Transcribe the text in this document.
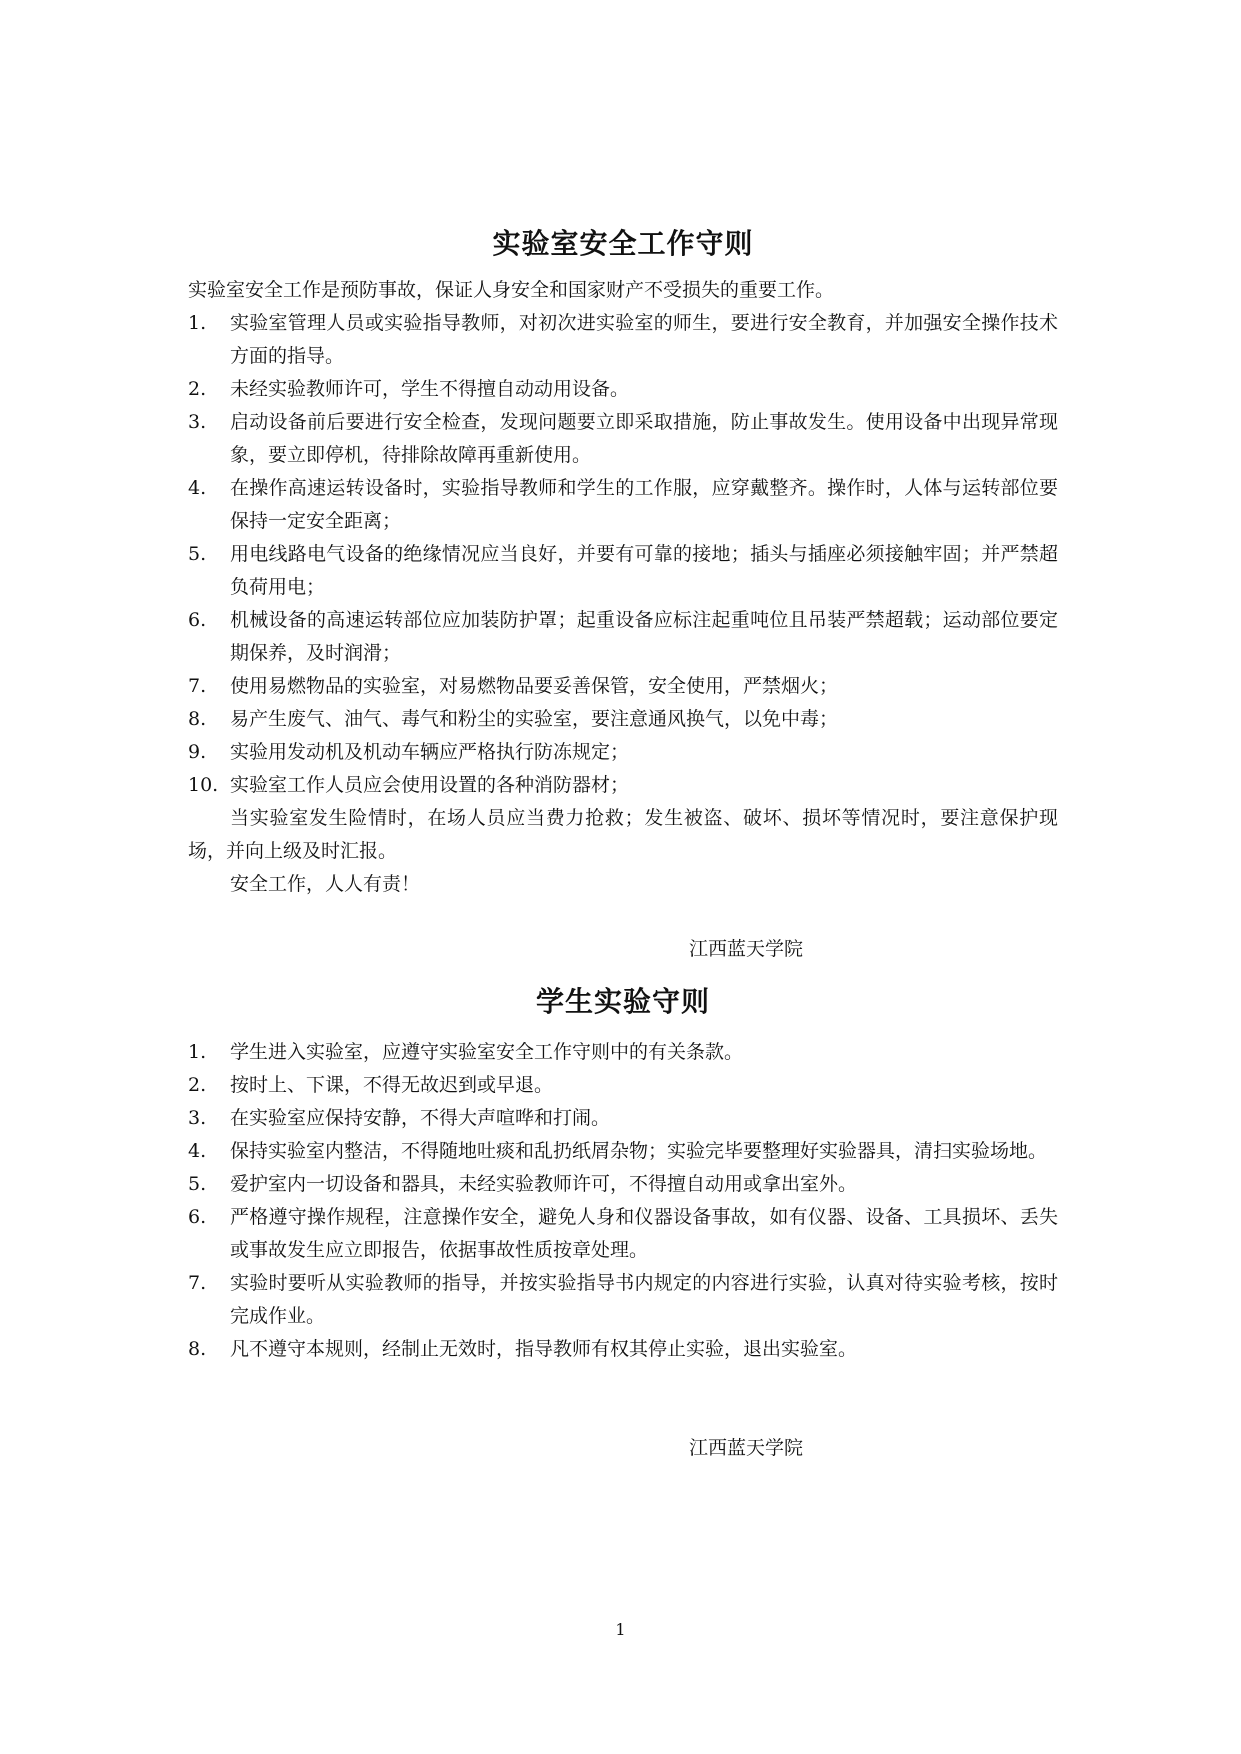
实验室安全工作守则

实验室安全工作是预防事故，保证人身安全和国家财产不受损失的重要工作。

1.	实验室管理人员或实验指导教师，对初次进实验室的师生，要进行安全教育，并加强安全操作技术方面的指导。
2.	未经实验教师许可，学生不得擅自动动用设备。
3.	启动设备前后要进行安全检查，发现问题要立即采取措施，防止事故发生。使用设备中出现异常现象，要立即停机，待排除故障再重新使用。
4.	在操作高速运转设备时，实验指导教师和学生的工作服，应穿戴整齐。操作时，人体与运转部位要保持一定安全距离；
5.	用电线路电气设备的绝缘情况应当良好，并要有可靠的接地；插头与插座必须接触牢固；并严禁超负荷用电；
6.	机械设备的高速运转部位应加装防护罩；起重设备应标注起重吨位且吊装严禁超载；运动部位要定期保养，及时润滑；
7.	使用易燃物品的实验室，对易燃物品要妥善保管，安全使用，严禁烟火；
8.	易产生废气、油气、毒气和粉尘的实验室，要注意通风换气，以免中毒；
9.	实验用发动机及机动车辆应严格执行防冻规定；
10. 实验室工作人员应会使用设置的各种消防器材；

当实验室发生险情时，在场人员应当费力抢救；发生被盗、破坏、损坏等情况时，要注意保护现场，并向上级及时汇报。

安全工作，人人有责！

江西蓝天学院

学生实验守则
1.	学生进入实验室，应遵守实验室安全工作守则中的有关条款。
2.	按时上、下课，不得无故迟到或早退。
3.	在实验室应保持安静，不得大声喧哗和打闹。
4.	保持实验室内整洁，不得随地吐痰和乱扔纸屑杂物；实验完毕要整理好实验器具，清扫实验场地。
5.	爱护室内一切设备和器具，未经实验教师许可，不得擅自动用或拿出室外。
6.	严格遵守操作规程，注意操作安全，避免人身和仪器设备事故，如有仪器、设备、工具损坏、丢失或事故发生应立即报告，依据事故性质按章处理。
7.	实验时要听从实验教师的指导，并按实验指导书内规定的内容进行实验，认真对待实验考核，按时完成作业。
8.	凡不遵守本规则，经制止无效时，指导教师有权其停止实验，退出实验室。

江西蓝天学院

1
